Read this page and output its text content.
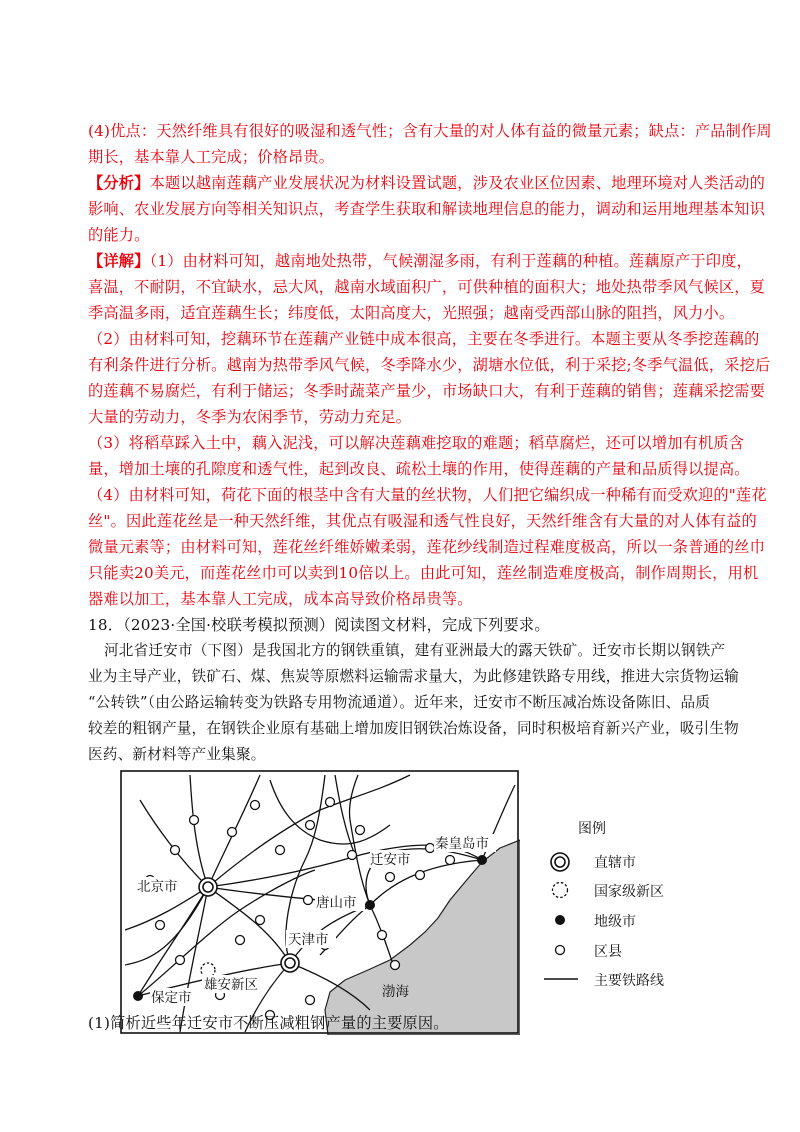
(4)优点：天然纤维具有很好的吸湿和透气性；含有大量的对人体有益的微量元素；缺点：产品制作周
期长，基本靠人工完成；价格昂贵。
【分析】本题以越南莲藕产业发展状况为材料设置试题，涉及农业区位因素、地理环境对人类活动的
影响、农业发展方向等相关知识点，考查学生获取和解读地理信息的能力，调动和运用地理基本知识
的能力。
【详解】（1）由材料可知，越南地处热带，气候潮湿多雨，有利于莲藕的种植。莲藕原产于印度，
喜温，不耐阴，不宜缺水，忌大风，越南水域面积广，可供种植的面积大；地处热带季风气候区，夏
季高温多雨，适宜莲藕生长；纬度低，太阳高度大，光照强；越南受西部山脉的阻挡，风力小。
（2）由材料可知，挖藕环节在莲藕产业链中成本很高，主要在冬季进行。本题主要从冬季挖莲藕的
有利条件进行分析。越南为热带季风气候，冬季降水少，湖塘水位低，利于采挖;冬季气温低，采挖后
的莲藕不易腐烂，有利于储运；冬季时蔬菜产量少，市场缺口大，有利于莲藕的销售；莲藕采挖需要
大量的劳动力，冬季为农闲季节，劳动力充足。
（3）将稻草踩入土中，藕入泥浅，可以解决莲藕难挖取的难题；稻草腐烂，还可以增加有机质含
量，增加土壤的孔隙度和透气性，起到改良、疏松土壤的作用，使得莲藕的产量和品质得以提高。
（4）由材料可知，荷花下面的根茎中含有大量的丝状物，人们把它编织成一种稀有而受欢迎的"莲花
丝"。因此莲花丝是一种天然纤维，其优点有吸湿和透气性良好，天然纤维含有大量的对人体有益的
微量元素等；由材料可知，莲花丝纤维娇嫩柔弱，莲花纱线制造过程难度极高，所以一条普通的丝巾
只能卖20美元，而莲花丝巾可以卖到10倍以上。由此可知，莲丝制造难度极高，制作周期长，用机
器难以加工，基本靠人工完成，成本高导致价格昂贵等。
18．（2023·全国·校联考模拟预测）阅读图文材料，完成下列要求。
河北省迁安市（下图）是我国北方的钢铁重镇，建有亚洲最大的露天铁矿。迁安市长期以钢铁产
业为主导产业，铁矿石、煤、焦炭等原燃料运输需求量大，为此修建铁路专用线，推进大宗货物运输
“公转铁”（由公路运输转变为铁路专用物流通道）。近年来，迁安市不断压减冶炼设备陈旧、品质
较差的粗钢产量，在钢铁企业原有基础上增加废旧钢铁冶炼设备，同时积极培育新兴产业，吸引生物
医药、新材料等产业集聚。
北京市
天津市
唐山市
迁安市
秦皇岛市
保定市
雄安新区	渤海
图例
直辖市
国家级新区
地级市
区县
主要铁路线
(1)简析近些年迁安市不断压减粗钢产量的主要原因。
